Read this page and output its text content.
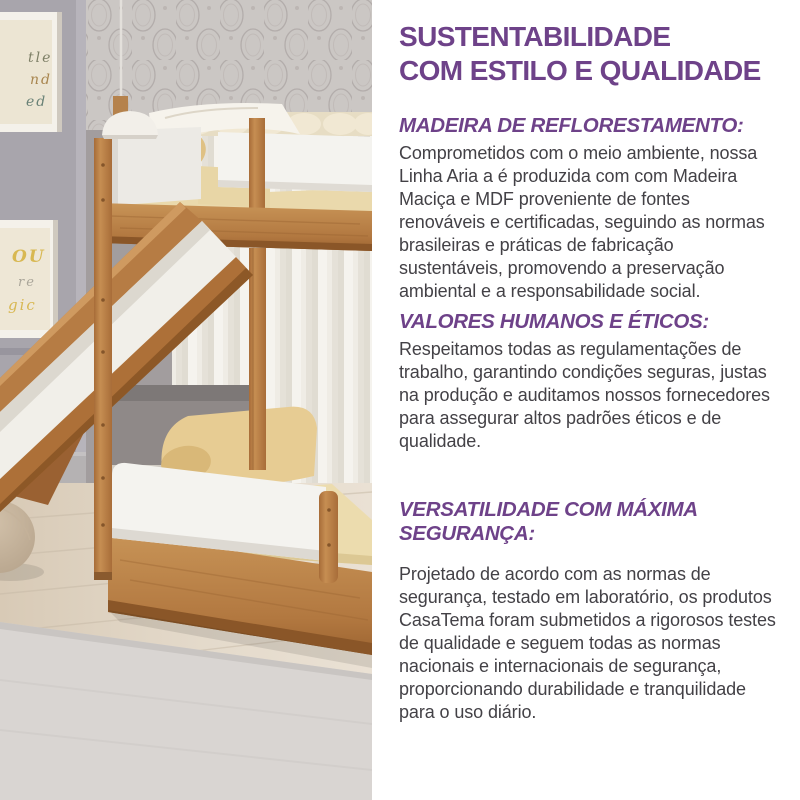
tle
nd
ed
OU
re
gic
SUSTENTABILIDADE
COM ESTILO E QUALIDADE

MADEIRA DE REFLORESTAMENTO:

Comprometidos com o meio ambiente, nossa Linha Aria a é produzida com com Madeira Maciça e MDF proveniente de fontes renováveis e certificadas, seguindo as normas brasileiras e práticas de fabricação sustentáveis, promovendo a preservação ambiental e a responsabilidade social.

VALORES HUMANOS E ÉTICOS:

Respeitamos todas as regulamentações de trabalho, garantindo condições seguras, justas na produção e auditamos nossos fornecedores para assegurar altos padrões éticos e de qualidade.

VERSATILIDADE COM MÁXIMA SEGURANÇA:

Projetado de acordo com as normas de segurança, testado em laboratório, os produtos CasaTema foram submetidos a rigorosos testes de qualidade e seguem todas as normas nacionais e internacionais de segurança, proporcionando durabilidade e tranquilidade para o uso diário.
